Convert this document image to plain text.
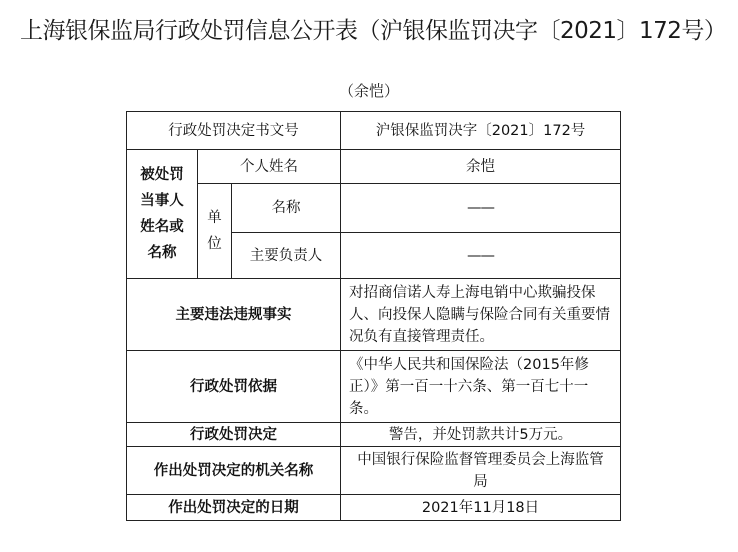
上海银保监局行政处罚信息公开表（沪银保监罚决字〔2021〕172号）
（余恺）
行政处罚决定书文号			沪银保监罚决字〔2021〕172号

被处罚当事人姓名或名称	个人姓名		余恺

	单位	名称	——
		主要负责人	——
主要违法违规事实			对招商信诺人寿上海电销中心欺骗投保人、向投保人隐瞒与保险合同有关重要情况负有直接管理责任。
行政处罚依据			《中华人民共和国保险法（2015年修正）》第一百一十六条、第一百七十一条。
行政处罚决定			警告，并处罚款共计5万元。
作出处罚决定的机关名称			中国银行保险监督管理委员会上海监管局
作出处罚决定的日期			2021年11月18日
